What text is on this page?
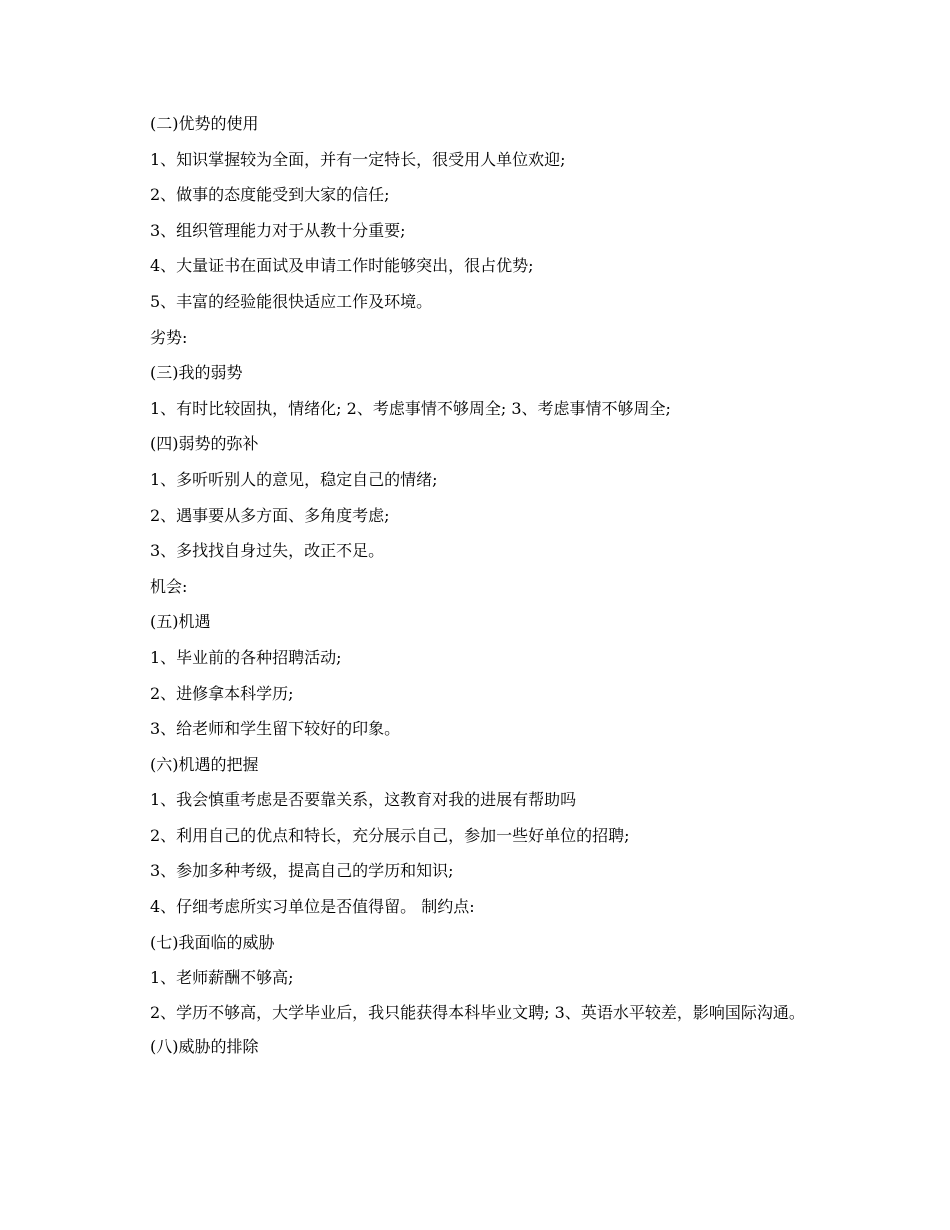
(二)优势的使用

1、知识掌握较为全面，并有一定特长，很受用人单位欢迎;

2、做事的态度能受到大家的信任;

3、组织管理能力对于从教十分重要;

4、大量证书在面试及申请工作时能够突出，很占优势;

5、丰富的经验能很快适应工作及环境。

劣势:

(三)我的弱势

1、有时比较固执，情绪化; 2、考虑事情不够周全; 3、考虑事情不够周全;

(四)弱势的弥补

1、多听听别人的意见，稳定自己的情绪;

2、遇事要从多方面、多角度考虑;

3、多找找自身过失，改正不足。

机会:

(五)机遇

1、毕业前的各种招聘活动;

2、进修拿本科学历;

3、给老师和学生留下较好的印象。

(六)机遇的把握

1、我会慎重考虑是否要靠关系，这教育对我的进展有帮助吗

2、利用自己的优点和特长，充分展示自己，参加一些好单位的招聘;

3、参加多种考级，提高自己的学历和知识;

4、仔细考虑所实习单位是否值得留。 制约点:

(七)我面临的威胁

1、老师薪酬不够高;

2、学历不够高，大学毕业后，我只能获得本科毕业文聘; 3、英语水平较差，影响国际沟通。

(八)威胁的排除
